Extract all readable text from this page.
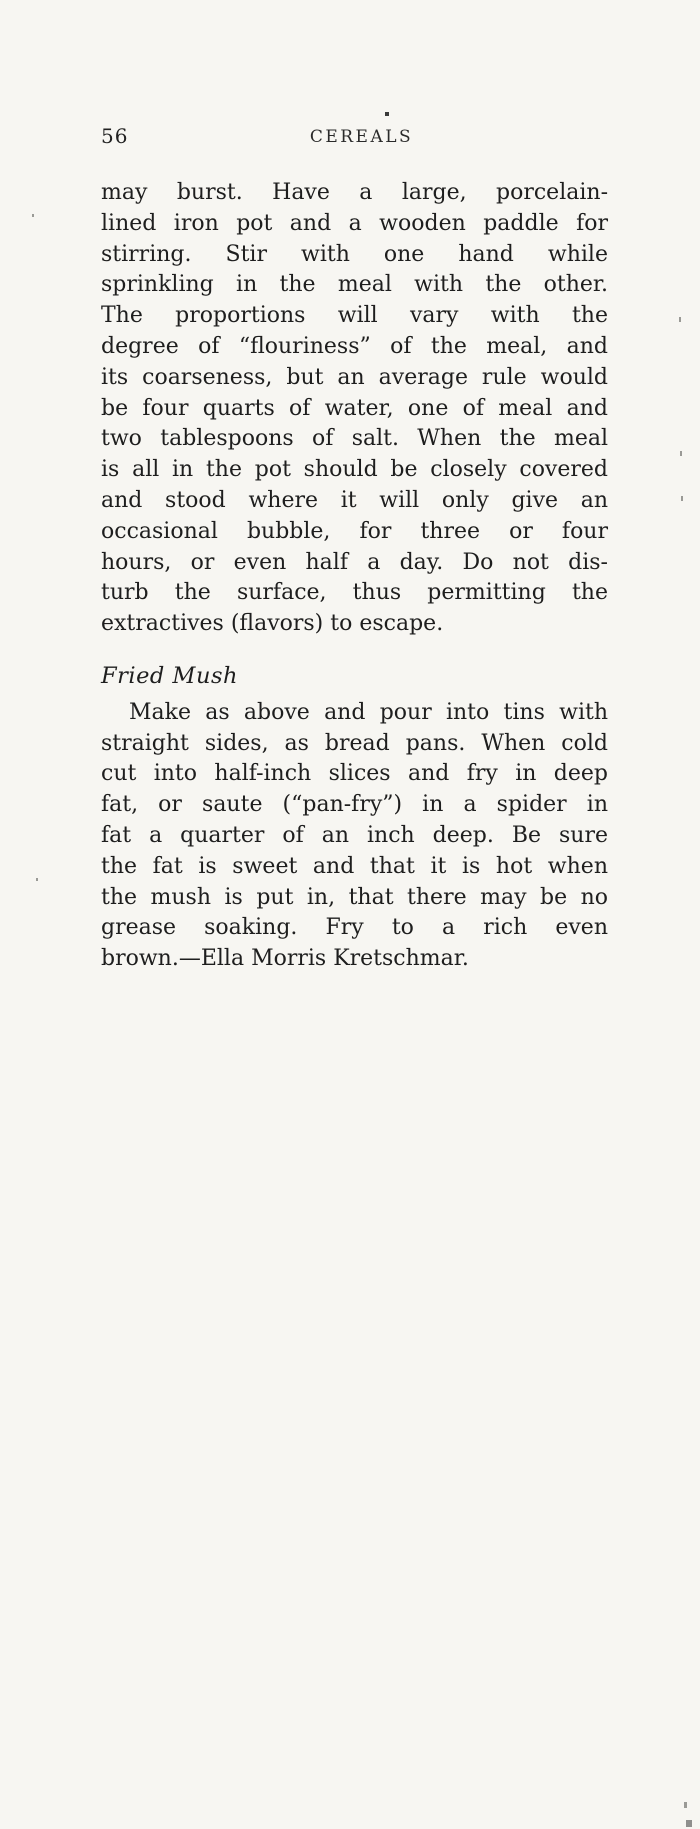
56	CEREALS
may burst. Have a large, porcelain-
lined iron pot and a wooden paddle for
stirring. Stir with one hand while
sprinkling in the meal with the other.
The proportions will vary with the
degree of “flouriness” of the meal, and
its coarseness, but an average rule would
be four quarts of water, one of meal and
two tablespoons of salt. When the meal
is all in the pot should be closely covered
and stood where it will only give an
occasional bubble, for three or four
hours, or even half a day. Do not dis-
turb the surface, thus permitting the
extractives (flavors) to escape.
Fried Mush
Make as above and pour into tins with
straight sides, as bread pans. When cold
cut into half-inch slices and fry in deep
fat, or saute (“pan-fry”) in a spider in
fat a quarter of an inch deep. Be sure
the fat is sweet and that it is hot when
the mush is put in, that there may be no
grease soaking. Fry to a rich even
brown.—Ella Morris Kretschmar.
